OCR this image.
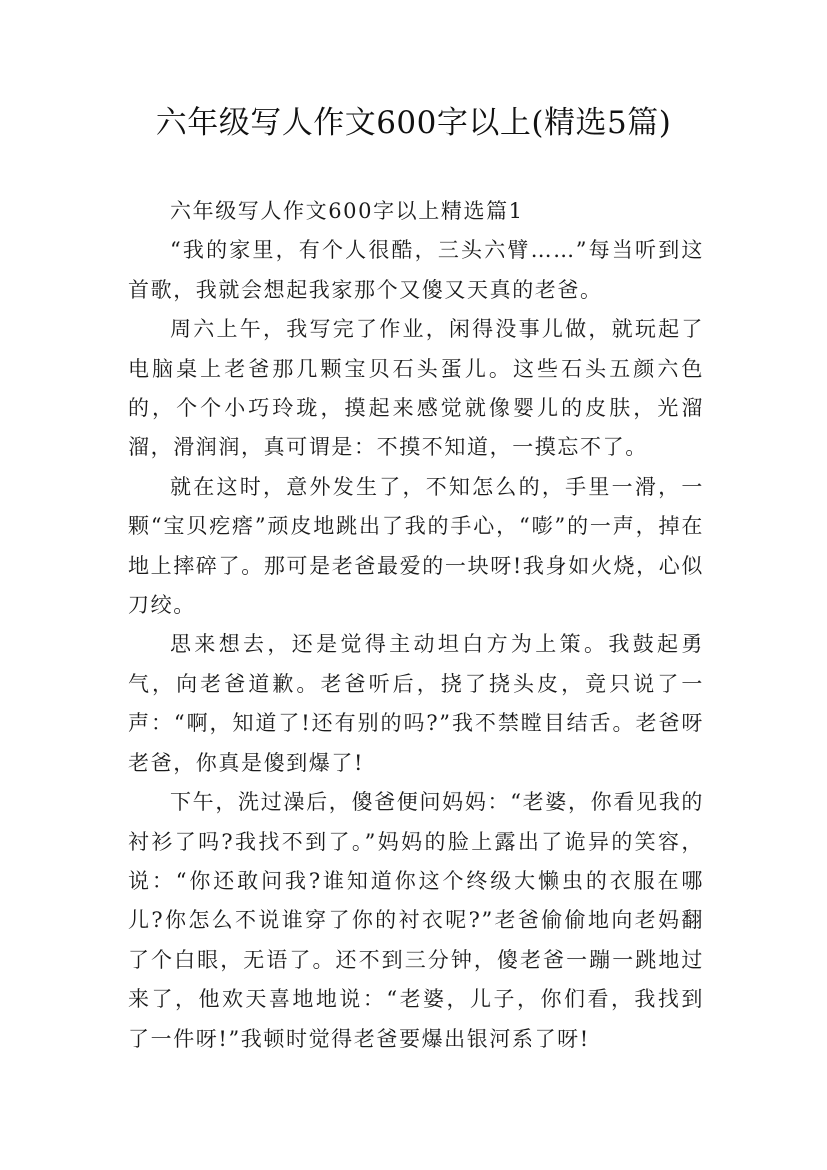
六年级写人作文600字以上(精选5篇)

六年级写人作文600字以上精选篇1

“我的家里，有个人很酷，三头六臂……”每当听到这首歌，我就会想起我家那个又傻又天真的老爸。

周六上午，我写完了作业，闲得没事儿做，就玩起了电脑桌上老爸那几颗宝贝石头蛋儿。这些石头五颜六色的，个个小巧玲珑，摸起来感觉就像婴儿的皮肤，光溜溜，滑润润，真可谓是：不摸不知道，一摸忘不了。

就在这时，意外发生了，不知怎么的，手里一滑，一颗“宝贝疙瘩”顽皮地跳出了我的手心，“嘭”的一声，掉在地上摔碎了。那可是老爸最爱的一块呀!我身如火烧，心似刀绞。

思来想去，还是觉得主动坦白方为上策。我鼓起勇气，向老爸道歉。老爸听后，挠了挠头皮，竟只说了一声：“啊，知道了!还有别的吗?”我不禁瞠目结舌。老爸呀老爸，你真是傻到爆了!

下午，洗过澡后，傻爸便问妈妈：“老婆，你看见我的衬衫了吗?我找不到了。”妈妈的脸上露出了诡异的笑容，说：“你还敢问我?谁知道你这个终级大懒虫的衣服在哪儿?你怎么不说谁穿了你的衬衣呢?”老爸偷偷地向老妈翻了个白眼，无语了。还不到三分钟，傻老爸一蹦一跳地过来了，他欢天喜地地说：“老婆，儿子，你们看，我找到了一件呀!”我顿时觉得老爸要爆出银河系了呀!
